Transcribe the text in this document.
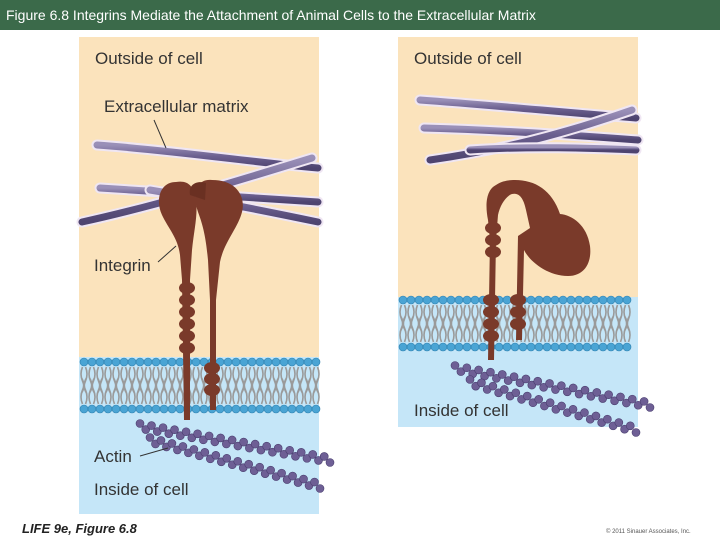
Figure 6.8 Integrins Mediate the Attachment of Animal Cells to the Extracellular Matrix
Outside of cell
Extracellular matrix
Integrin
Actin
Inside of cell
Outside of cell
Inside of cell
LIFE 9e, Figure 6.8	© 2011 Sinauer Associates, Inc.
